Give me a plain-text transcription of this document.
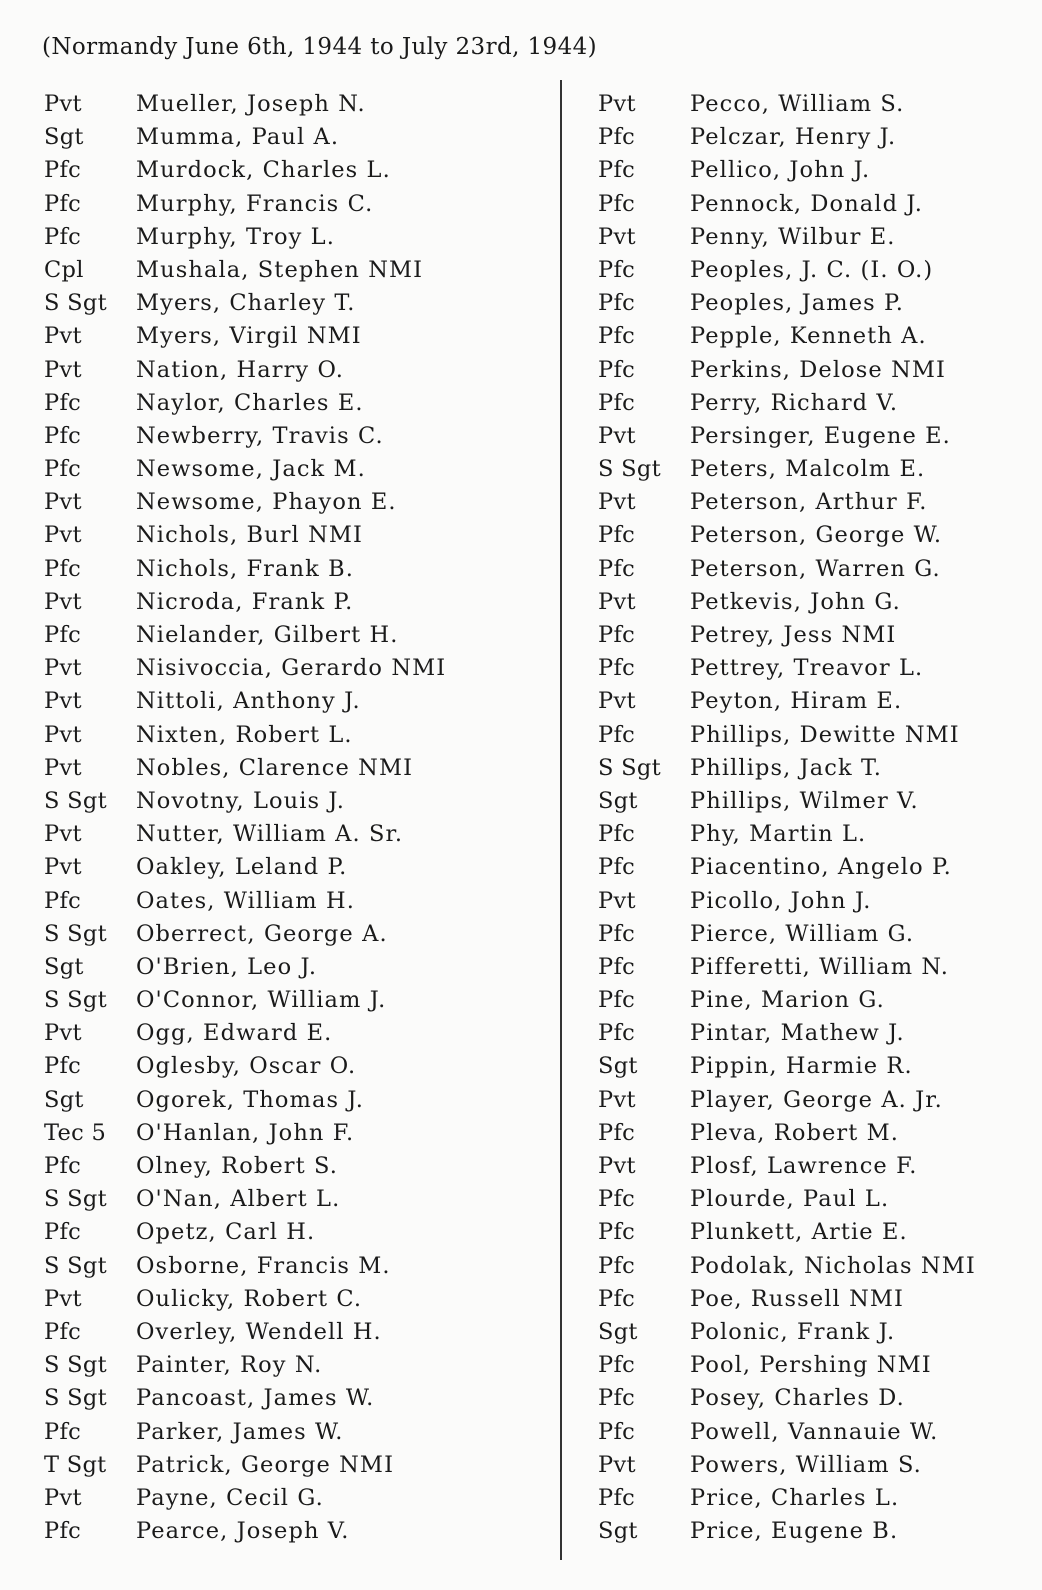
(Normandy June 6th, 1944 to July 23rd, 1944)
Pvt Mueller, Joseph N.
Sgt Mumma, Paul A.
Pfc Murdock, Charles L.
Pfc Murphy, Francis C.
Pfc Murphy, Troy L.
Cpl Mushala, Stephen NMI
S Sgt Myers, Charley T.
Pvt Myers, Virgil NMI
Pvt Nation, Harry O.
Pfc Naylor, Charles E.
Pfc Newberry, Travis C.
Pfc Newsome, Jack M.
Pvt Newsome, Phayon E.
Pvt Nichols, Burl NMI
Pfc Nichols, Frank B.
Pvt Nicroda, Frank P.
Pfc Nielander, Gilbert H.
Pvt Nisivoccia, Gerardo NMI
Pvt Nittoli, Anthony J.
Pvt Nixten, Robert L.
Pvt Nobles, Clarence NMI
S Sgt Novotny, Louis J.
Pvt Nutter, William A. Sr.
Pvt Oakley, Leland P.
Pfc Oates, William H.
S Sgt Oberrect, George A.
Sgt O'Brien, Leo J.
S Sgt O'Connor, William J.
Pvt Ogg, Edward E.
Pfc Oglesby, Oscar O.
Sgt Ogorek, Thomas J.
Tec 5 O'Hanlan, John F.
Pfc Olney, Robert S.
S Sgt O'Nan, Albert L.
Pfc Opetz, Carl H.
S Sgt Osborne, Francis M.
Pvt Oulicky, Robert C.
Pfc Overley, Wendell H.
S Sgt Painter, Roy N.
S Sgt Pancoast, James W.
Pfc Parker, James W.
T Sgt Patrick, George NMI
Pvt Payne, Cecil G.
Pfc Pearce, Joseph V.
Pvt Pecco, William S.
Pfc Pelczar, Henry J.
Pfc Pellico, John J.
Pfc Pennock, Donald J.
Pvt Penny, Wilbur E.
Pfc Peoples, J. C. (I. O.)
Pfc Peoples, James P.
Pfc Pepple, Kenneth A.
Pfc Perkins, Delose NMI
Pfc Perry, Richard V.
Pvt Persinger, Eugene E.
S Sgt Peters, Malcolm E.
Pvt Peterson, Arthur F.
Pfc Peterson, George W.
Pfc Peterson, Warren G.
Pvt Petkevis, John G.
Pfc Petrey, Jess NMI
Pfc Pettrey, Treavor L.
Pvt Peyton, Hiram E.
Pfc Phillips, Dewitte NMI
S Sgt Phillips, Jack T.
Sgt Phillips, Wilmer V.
Pfc Phy, Martin L.
Pfc Piacentino, Angelo P.
Pvt Picollo, John J.
Pfc Pierce, William G.
Pfc Pifferetti, William N.
Pfc Pine, Marion G.
Pfc Pintar, Mathew J.
Sgt Pippin, Harmie R.
Pvt Player, George A. Jr.
Pfc Pleva, Robert M.
Pvt Plosf, Lawrence F.
Pfc Plourde, Paul L.
Pfc Plunkett, Artie E.
Pfc Podolak, Nicholas NMI
Pfc Poe, Russell NMI
Sgt Polonic, Frank J.
Pfc Pool, Pershing NMI
Pfc Posey, Charles D.
Pfc Powell, Vannauie W.
Pvt Powers, William S.
Pfc Price, Charles L.
Sgt Price, Eugene B.
